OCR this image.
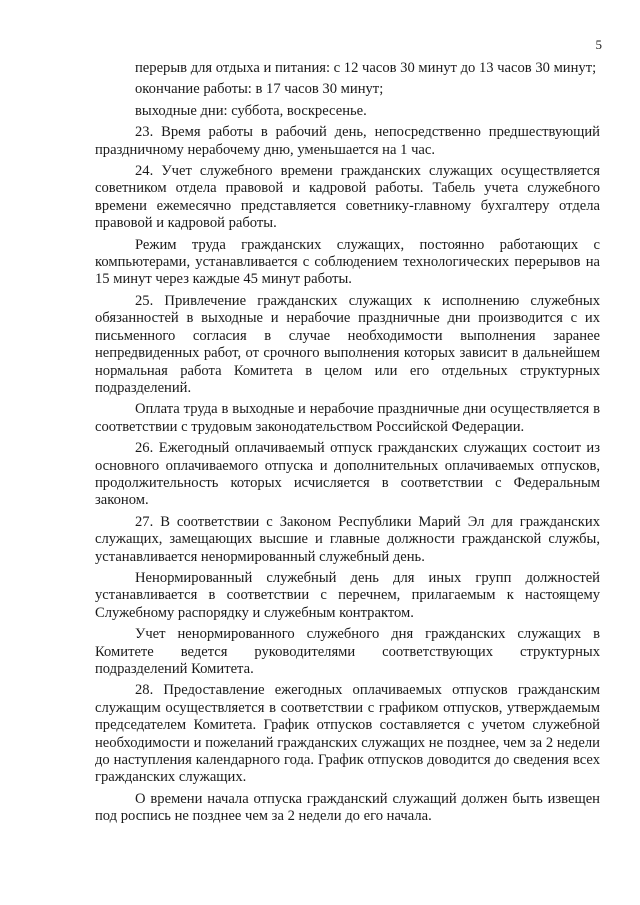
5

перерыв для отдыха и питания: с 12 часов 30 минут до 13 часов 30 минут;

окончание работы: в 17 часов 30 минут;

выходные дни: суббота, воскресенье.

23. Время работы в рабочий день, непосредственно предшествующий праздничному нерабочему дню, уменьшается на 1 час.

24. Учет служебного времени гражданских служащих осуществляется советником отдела правовой и кадровой работы. Табель учета служебного времени ежемесячно представляется советнику-главному бухгалтеру отдела правовой и кадровой работы.

Режим труда гражданских служащих, постоянно работающих с компьютерами, устанавливается с соблюдением технологических перерывов на 15 минут через каждые 45 минут работы.

25. Привлечение гражданских служащих к исполнению служебных обязанностей в выходные и нерабочие праздничные дни производится с их письменного согласия в случае необходимости выполнения заранее непредвиденных работ, от срочного выполнения которых зависит в дальнейшем нормальная работа Комитета в целом или его отдельных структурных подразделений.

Оплата труда в выходные и нерабочие праздничные дни осуществляется в соответствии с трудовым законодательством Российской Федерации.

26. Ежегодный оплачиваемый отпуск гражданских служащих состоит из основного оплачиваемого отпуска и дополнительных оплачиваемых отпусков, продолжительность которых исчисляется в соответствии с Федеральным законом.

27. В соответствии с Законом Республики Марий Эл для гражданских служащих, замещающих высшие и главные должности гражданской службы, устанавливается ненормированный служебный день.

Ненормированный служебный день для иных групп должностей устанавливается в соответствии с перечнем, прилагаемым к настоящему Служебному распорядку и служебным контрактом.

Учет ненормированного служебного дня гражданских служащих в Комитете ведется руководителями соответствующих структурных подразделений Комитета.

28. Предоставление ежегодных оплачиваемых отпусков гражданским служащим осуществляется в соответствии с графиком отпусков, утверждаемым председателем Комитета. График отпусков составляется с учетом служебной необходимости и пожеланий гражданских служащих не позднее, чем за 2 недели до наступления календарного года. График отпусков доводится до сведения всех гражданских служащих.

О времени начала отпуска гражданский служащий должен быть извещен под роспись не позднее чем за 2 недели до его начала.
